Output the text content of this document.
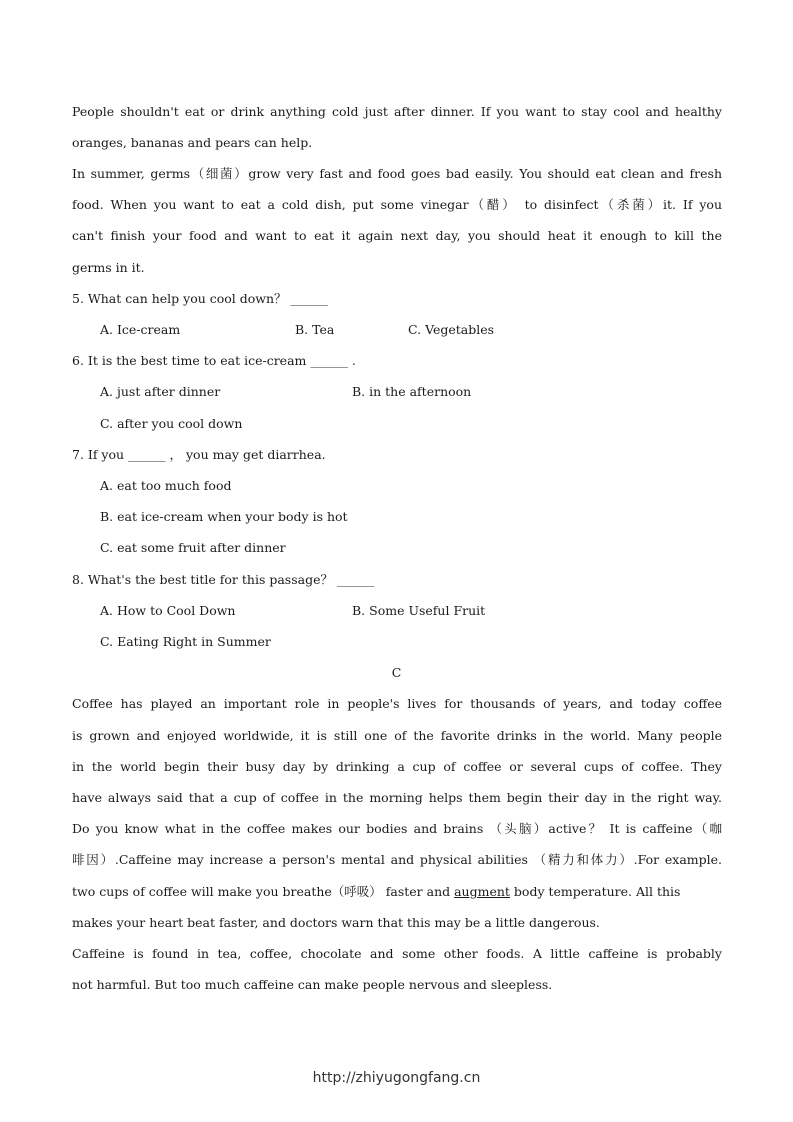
People shouldn't eat or drink anything cold just after dinner. If you want to stay cool and healthy
oranges, bananas and pears can help.
In summer, germs（细菌）grow very fast and food goes bad easily. You should eat clean and fresh
food. When you want to eat a cold dish, put some vinegar（醋） to disinfect（杀菌）it. If you
can't finish your food and want to eat it again next day, you should heat it enough to kill the
germs in it.
5. What can help you cool down？ ______
A. Ice-cream	B. Tea	C. Vegetables
6. It is the best time to eat ice-cream ______ .
A. just after dinner	B. in the afternoon
C. after you cool down
7. If you ______ ， you may get diarrhea.
A. eat too much food
B. eat ice-cream when your body is hot
C. eat some fruit after dinner
8. What's the best title for this passage？ ______
A. How to Cool Down	B. Some Useful Fruit
C. Eating Right in Summer
C
Coffee has played an important role in people's lives for thousands of years, and today coffee
is grown and enjoyed worldwide, it is still one of the favorite drinks in the world. Many people
in the world begin their busy day by drinking a cup of coffee or several cups of coffee. They
have always said that a cup of coffee in the morning helps them begin their day in the right way.
Do you know what in the coffee makes our bodies and brains （头脑）active？ It is caffeine（咖
啡因）.Caffeine may increase a person's mental and physical abilities （精力和体力）.For example.
two cups of coffee will make you breathe（呼吸） faster and augment body temperature. All this
makes your heart beat faster, and doctors warn that this may be a little dangerous.
Caffeine is found in tea, coffee, chocolate and some other foods. A little caffeine is probably
not harmful. But too much caffeine can make people nervous and sleepless.
http://zhiyugongfang.cn
